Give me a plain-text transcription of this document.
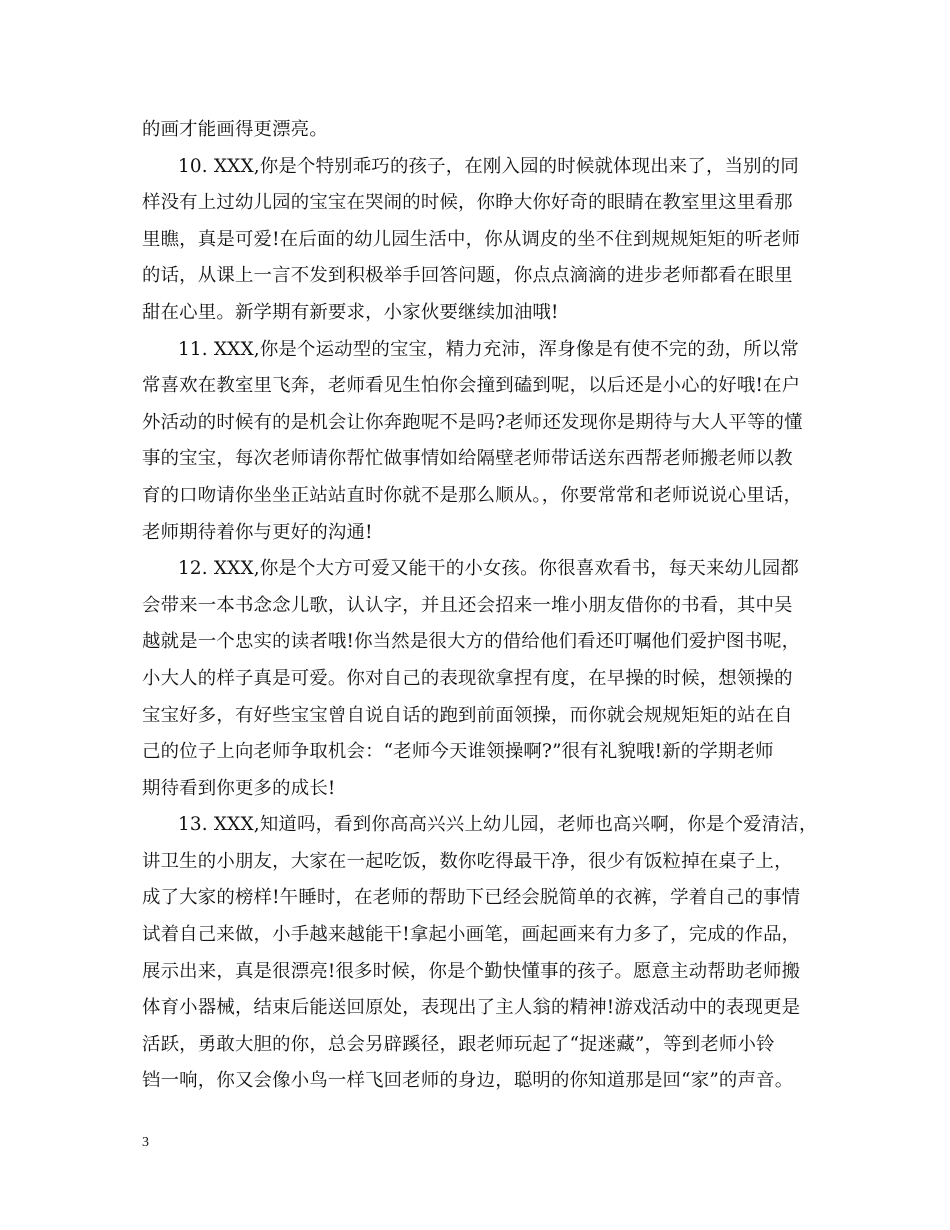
的画才能画得更漂亮。
10. XXX,你是个特别乖巧的孩子，在刚入园的时候就体现出来了，当别的同
样没有上过幼儿园的宝宝在哭闹的时候，你睁大你好奇的眼睛在教室里这里看那
里瞧，真是可爱!在后面的幼儿园生活中，你从调皮的坐不住到规规矩矩的听老师
的话，从课上一言不发到积极举手回答问题，你点点滴滴的进步老师都看在眼里
甜在心里。新学期有新要求，小家伙要继续加油哦!
11. XXX,你是个运动型的宝宝，精力充沛，浑身像是有使不完的劲，所以常
常喜欢在教室里飞奔，老师看见生怕你会撞到磕到呢，以后还是小心的好哦!在户
外活动的时候有的是机会让你奔跑呢不是吗?老师还发现你是期待与大人平等的懂
事的宝宝，每次老师请你帮忙做事情如给隔壁老师带话送东西帮老师搬老师以教
育的口吻请你坐坐正站站直时你就不是那么顺从。，你要常常和老师说说心里话，
老师期待着你与更好的沟通!
12. XXX,你是个大方可爱又能干的小女孩。你很喜欢看书，每天来幼儿园都
会带来一本书念念儿歌，认认字，并且还会招来一堆小朋友借你的书看，其中吴
越就是一个忠实的读者哦!你当然是很大方的借给他们看还叮嘱他们爱护图书呢，
小大人的样子真是可爱。你对自己的表现欲拿捏有度，在早操的时候，想领操的
宝宝好多，有好些宝宝曾自说自话的跑到前面领操，而你就会规规矩矩的站在自
己的位子上向老师争取机会：“老师今天谁领操啊?”很有礼貌哦!新的学期老师
期待看到你更多的成长!
13. XXX,知道吗，看到你高高兴兴上幼儿园，老师也高兴啊，你是个爱清洁，
讲卫生的小朋友，大家在一起吃饭，数你吃得最干净，很少有饭粒掉在桌子上，
成了大家的榜样!午睡时，在老师的帮助下已经会脱简单的衣裤，学着自己的事情
试着自己来做，小手越来越能干!拿起小画笔，画起画来有力多了，完成的作品，
展示出来，真是很漂亮!很多时候，你是个勤快懂事的孩子。愿意主动帮助老师搬
体育小器械，结束后能送回原处，表现出了主人翁的精神!游戏活动中的表现更是
活跃，勇敢大胆的你，总会另辟蹊径，跟老师玩起了“捉迷藏”，等到老师小铃
铛一响，你又会像小鸟一样飞回老师的身边，聪明的你知道那是回“家”的声音。
3
